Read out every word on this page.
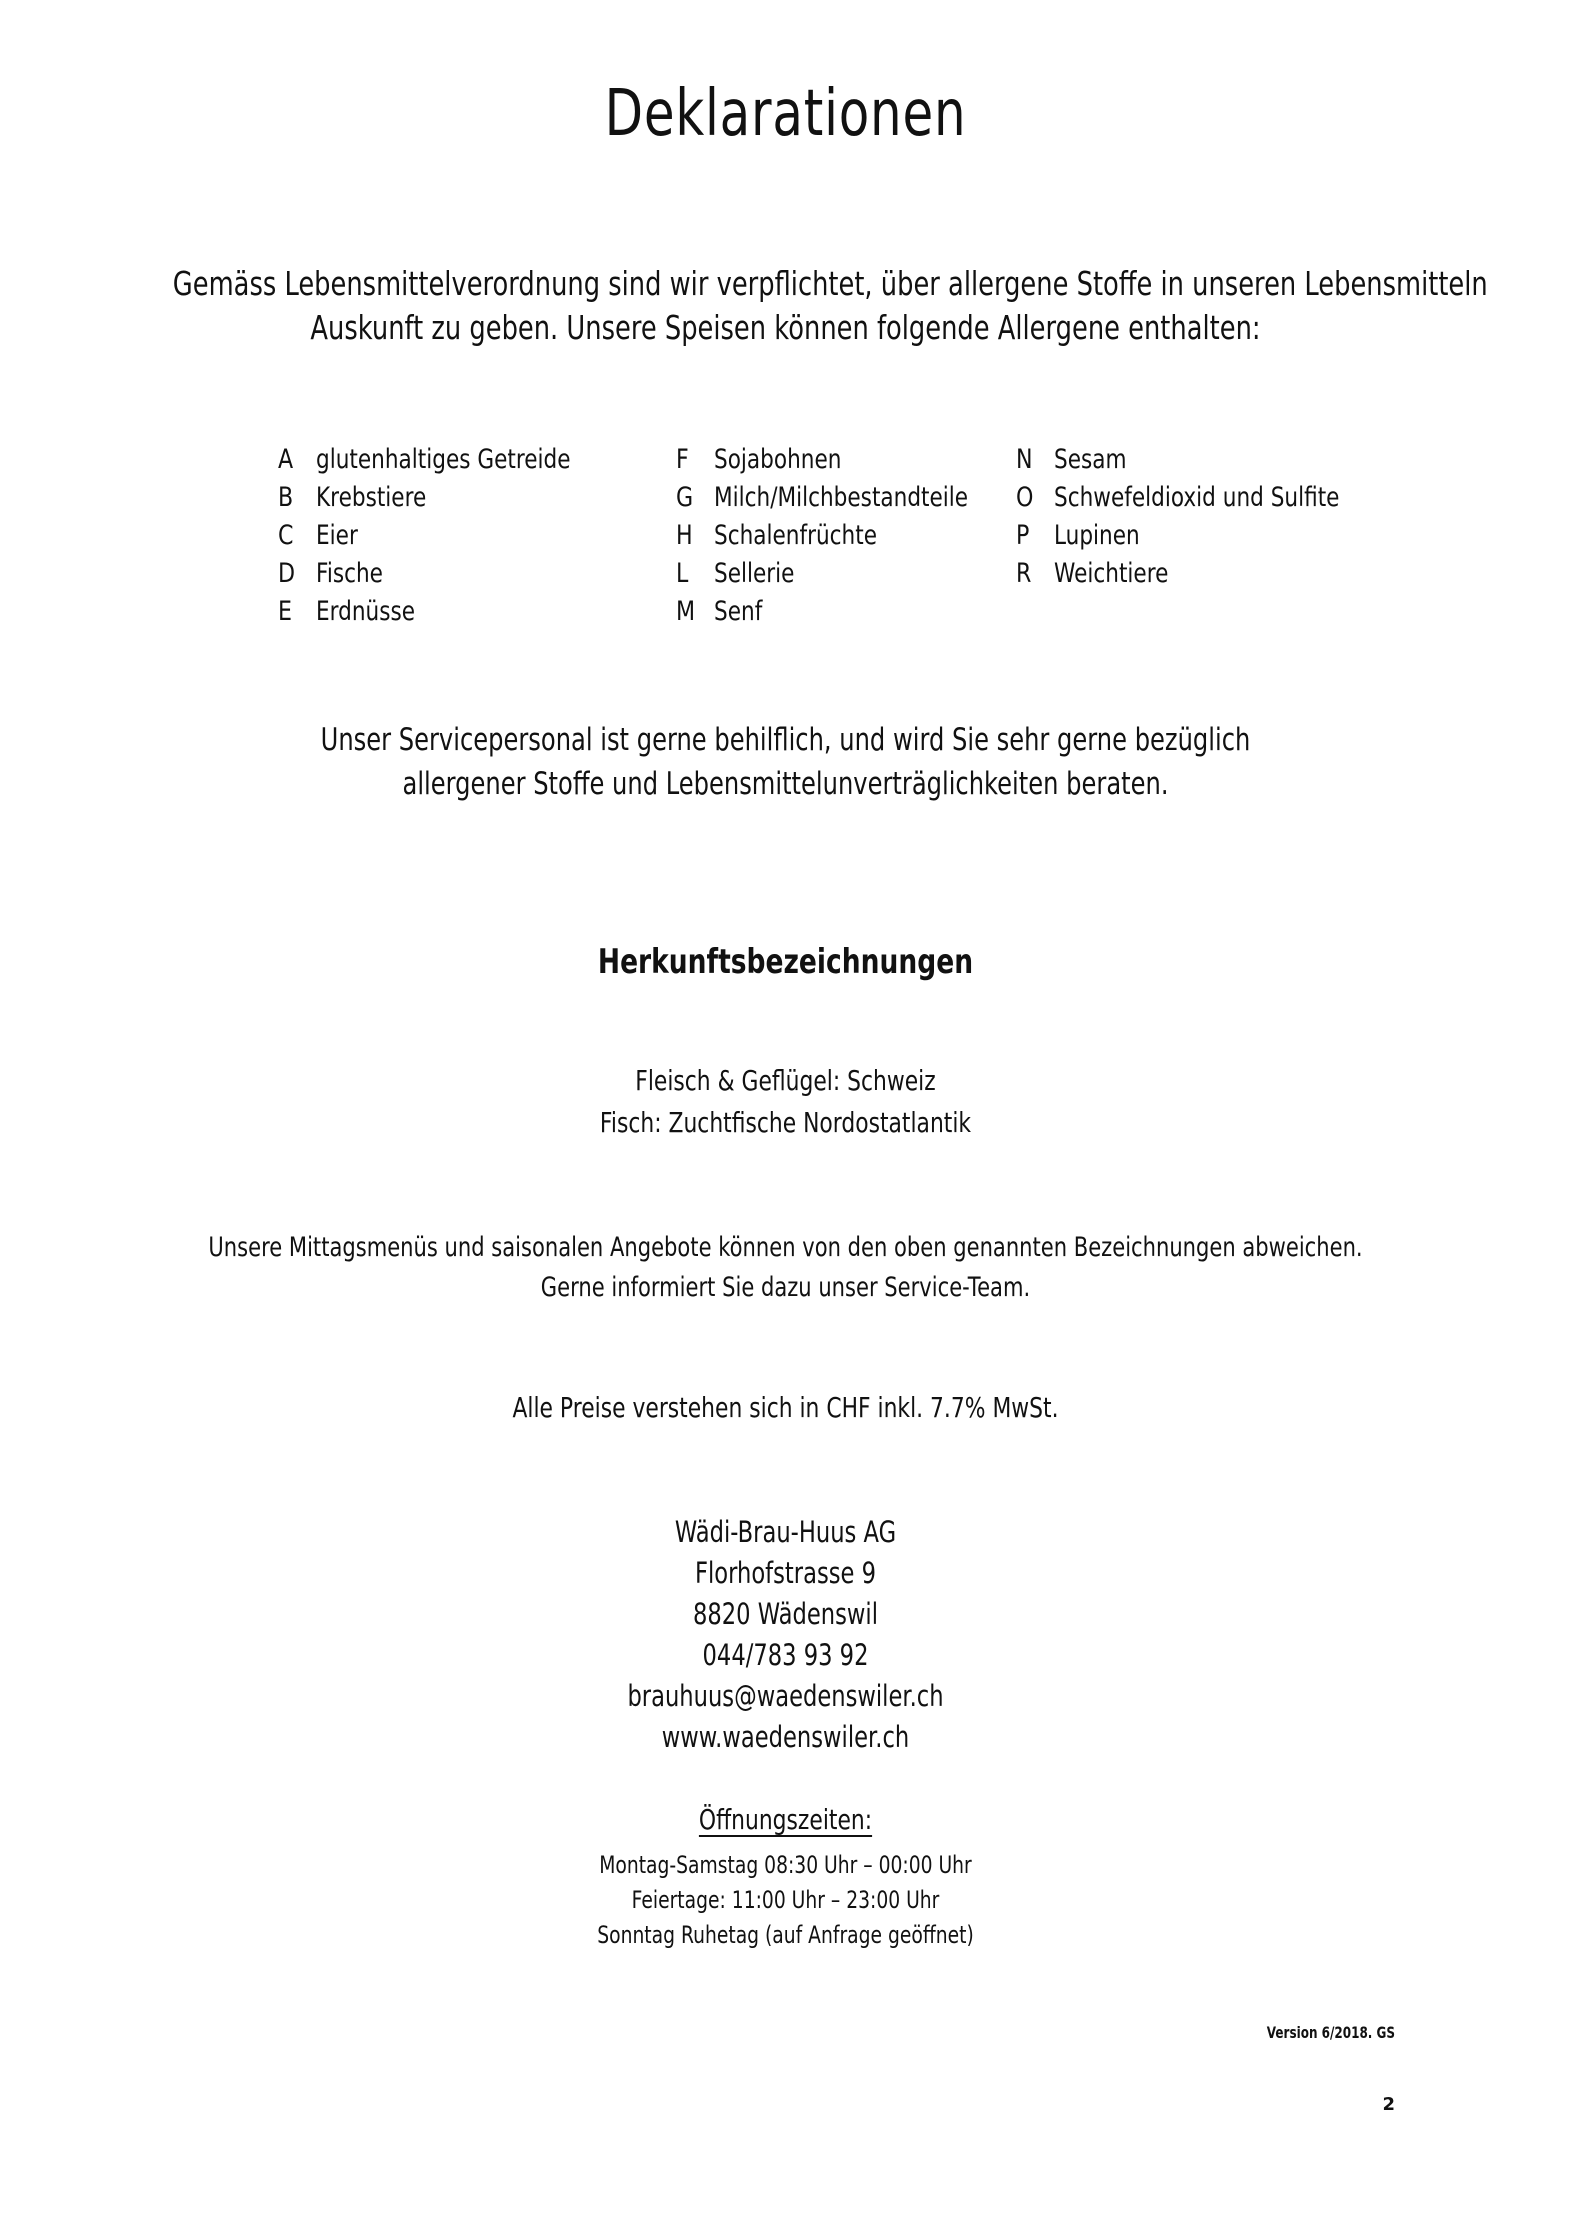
Deklarationen
Gemäss Lebensmittelverordnung sind wir verpflichtet, über allergene Stoffe in unseren Lebensmitteln
Auskunft zu geben. Unsere Speisen können folgende Allergene enthalten:
A glutenhaltiges Getreide
B Krebstiere
C Eier
D Fische
E Erdnüsse
F Sojabohnen
G Milch/Milchbestandteile
H Schalenfrüchte
L Sellerie
M Senf
N Sesam
O Schwefeldioxid und Sulfite
P Lupinen
R Weichtiere
Unser Servicepersonal ist gerne behilflich, und wird Sie sehr gerne bezüglich
allergener Stoffe und Lebensmittelunverträglichkeiten beraten.
Herkunftsbezeichnungen
Fleisch & Geflügel: Schweiz
Fisch: Zuchtfische Nordostatlantik
Unsere Mittagsmenüs und saisonalen Angebote können von den oben genannten Bezeichnungen abweichen.
Gerne informiert Sie dazu unser Service-Team.
Alle Preise verstehen sich in CHF inkl. 7.7% MwSt.
Wädi-Brau-Huus AG
Florhofstrasse 9
8820 Wädenswil
044/783 93 92
brauhuus@waedenswiler.ch
www.waedenswiler.ch
Öffnungszeiten:
Montag-Samstag 08:30 Uhr – 00:00 Uhr
Feiertage: 11:00 Uhr – 23:00 Uhr
Sonntag Ruhetag (auf Anfrage geöffnet)
Version 6/2018. GS
2
